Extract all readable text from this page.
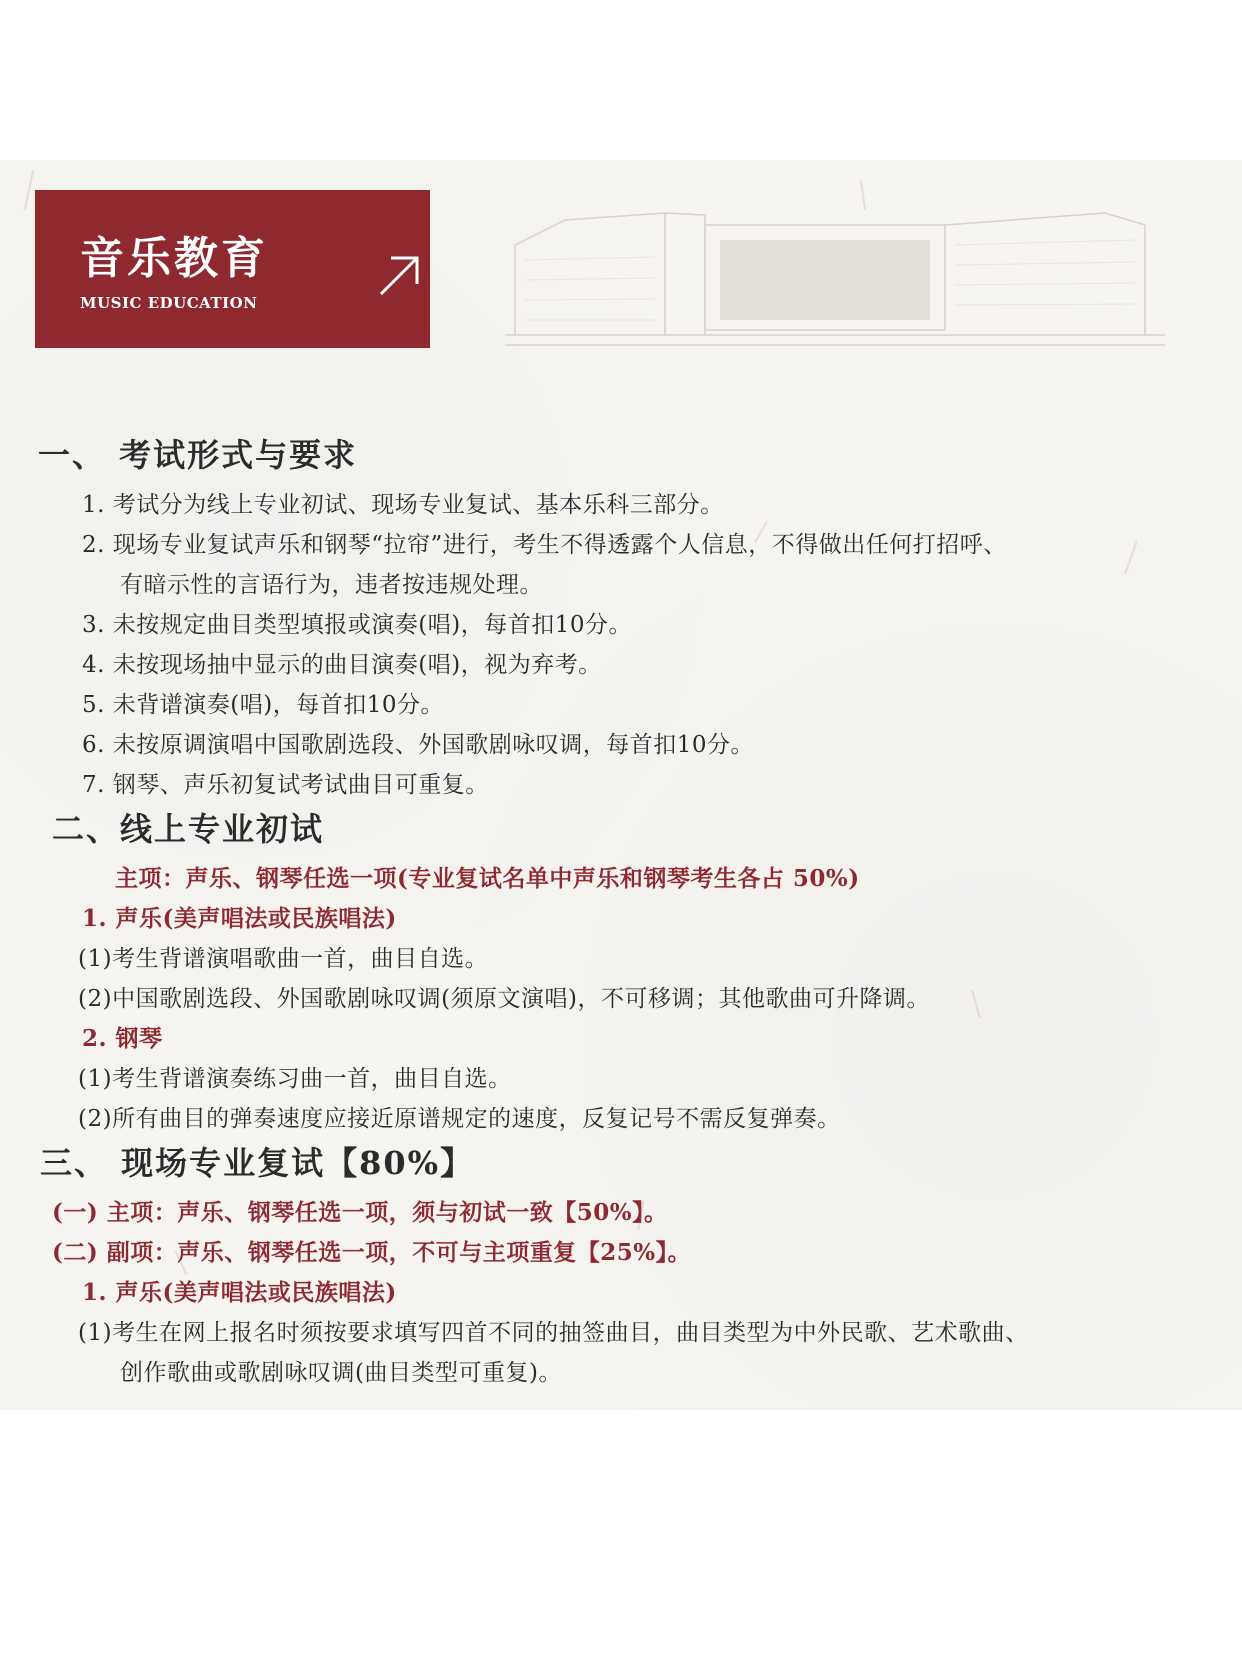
音乐教育
MUSIC EDUCATION
一、 考试形式与要求
1. 考试分为线上专业初试、现场专业复试、基本乐科三部分。
2. 现场专业复试声乐和钢琴“拉帘”进行，考生不得透露个人信息，不得做出任何打招呼、
有暗示性的言语行为，违者按违规处理。
3. 未按规定曲目类型填报或演奏(唱)，每首扣10分。
4. 未按现场抽中显示的曲目演奏(唱)，视为弃考。
5. 未背谱演奏(唱)，每首扣10分。
6. 未按原调演唱中国歌剧选段、外国歌剧咏叹调，每首扣10分。
7. 钢琴、声乐初复试考试曲目可重复。
二、线上专业初试
主项：声乐、钢琴任选一项(专业复试名单中声乐和钢琴考生各占 50%)
1. 声乐(美声唱法或民族唱法)
(1)考生背谱演唱歌曲一首，曲目自选。
(2)中国歌剧选段、外国歌剧咏叹调(须原文演唱)，不可移调；其他歌曲可升降调。
2. 钢琴
(1)考生背谱演奏练习曲一首，曲目自选。
(2)所有曲目的弹奏速度应接近原谱规定的速度，反复记号不需反复弹奏。
三、 现场专业复试【80%】
(一) 主项：声乐、钢琴任选一项，须与初试一致【50%】。
(二) 副项：声乐、钢琴任选一项，不可与主项重复【25%】。
1. 声乐(美声唱法或民族唱法)
(1)考生在网上报名时须按要求填写四首不同的抽签曲目，曲目类型为中外民歌、艺术歌曲、
创作歌曲或歌剧咏叹调(曲目类型可重复)。
